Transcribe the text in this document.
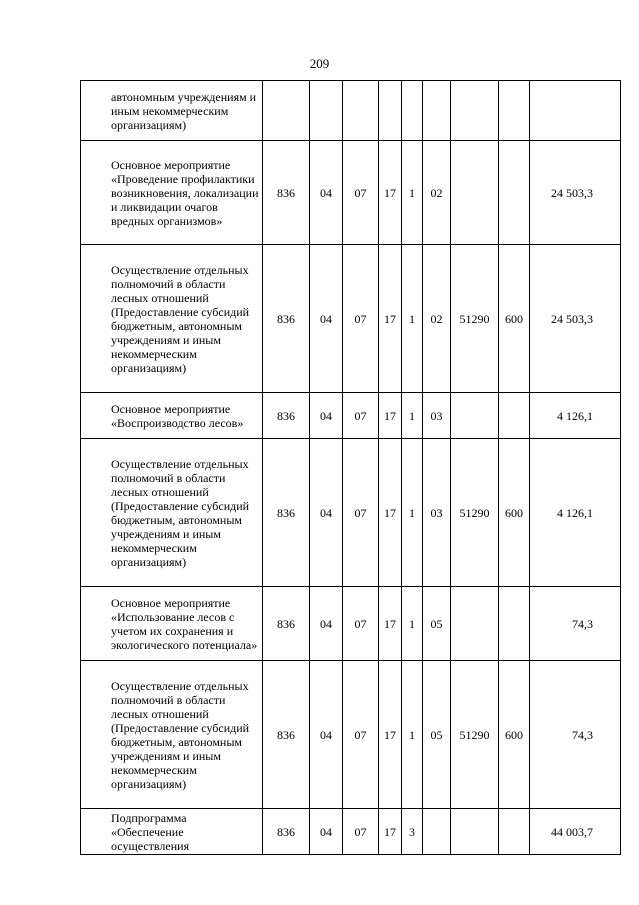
209
автономным учреждениям и иным некоммерческим организациям)									
Основное мероприятие «Проведение профилактики возникновения, локализации и ликвидации очагов вредных организмов»	836	04	07	17	1	02			24 503,3
Осуществление отдельных полномочий в области лесных отношений (Предоставление субсидий бюджетным, автономным учреждениям и иным некоммерческим организациям)	836	04	07	17	1	02	51290	600	24 503,3
Основное мероприятие «Воспроизводство лесов»	836	04	07	17	1	03			4 126,1
Осуществление отдельных полномочий в области лесных отношений (Предоставление субсидий бюджетным, автономным учреждениям и иным некоммерческим организациям)	836	04	07	17	1	03	51290	600	4 126,1
Основное мероприятие «Использование лесов с учетом их сохранения и экологического потенциала»	836	04	07	17	1	05			74,3
Осуществление отдельных полномочий в области лесных отношений (Предоставление субсидий бюджетным, автономным учреждениям и иным некоммерческим организациям)	836	04	07	17	1	05	51290	600	74,3
Подпрограмма «Обеспечение осуществления	836	04	07	17	3				44 003,7
